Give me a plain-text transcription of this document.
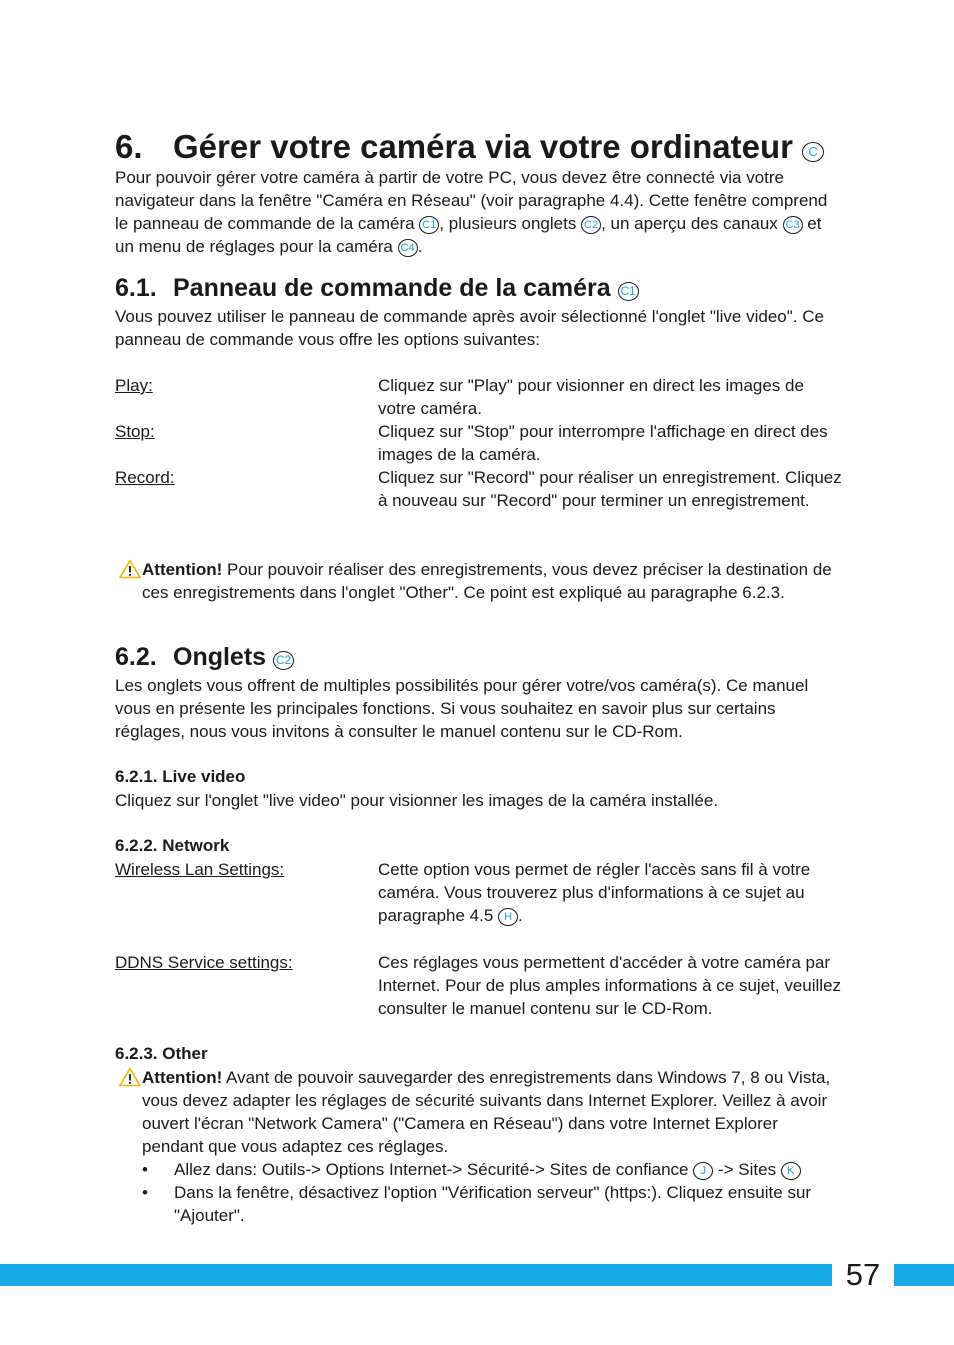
6. Gérer votre caméra via votre ordinateur C
Pour pouvoir gérer votre caméra à partir de votre PC, vous devez être connecté via votre navigateur dans la fenêtre "Caméra en Réseau" (voir paragraphe 4.4). Cette fenêtre comprend le panneau de commande de la caméra C1 , plusieurs onglets C2 , un aperçu des canaux C3 et un menu de réglages pour la caméra C4 .
6.1. Panneau de commande de la caméra C1
Vous pouvez utiliser le panneau de commande après avoir sélectionné l'onglet "live video". Ce panneau de commande vous offre les options suivantes:
Play:	Cliquez sur "Play" pour visionner en direct les images de votre caméra.
Stop:	Cliquez sur "Stop" pour interrompre l'affichage en direct des images de la caméra.
Record:	Cliquez sur "Record" pour réaliser un enregistrement. Cliquez à nouveau sur "Record" pour terminer un enregistrement.
Attention! Pour pouvoir réaliser des enregistrements, vous devez préciser la destination de ces enregistrements dans l'onglet "Other". Ce point est expliqué au paragraphe 6.2.3.
6.2. Onglets C2
Les onglets vous offrent de multiples possibilités pour gérer votre/vos caméra(s). Ce manuel vous en présente les principales fonctions. Si vous souhaitez en savoir plus sur certains réglages, nous vous invitons à consulter le manuel contenu sur le CD-Rom.
6.2.1. Live video
Cliquez sur l'onglet "live video" pour visionner les images de la caméra installée.
6.2.2. Network
Wireless Lan Settings:	Cette option vous permet de régler l'accès sans fil à votre caméra. Vous trouverez plus d'informations à ce sujet au paragraphe 4.5 H .
DDNS Service settings:	Ces réglages vous permettent d'accéder à votre caméra par Internet. Pour de plus amples informations à ce sujet, veuillez consulter le manuel contenu sur le CD-Rom.
6.2.3. Other
Attention! Avant de pouvoir sauvegarder des enregistrements dans Windows 7, 8 ou Vista, vous devez adapter les réglages de sécurité suivants dans Internet Explorer. Veillez à avoir ouvert l'écran "Network Camera" ("Camera en Réseau") dans votre Internet Explorer pendant que vous adaptez ces réglages.
• Allez dans: Outils-> Options Internet-> Sécurité-> Sites de confiance J -> Sites K
• Dans la fenêtre, désactivez l'option "Vérification serveur" (https:). Cliquez ensuite sur "Ajouter".
57
